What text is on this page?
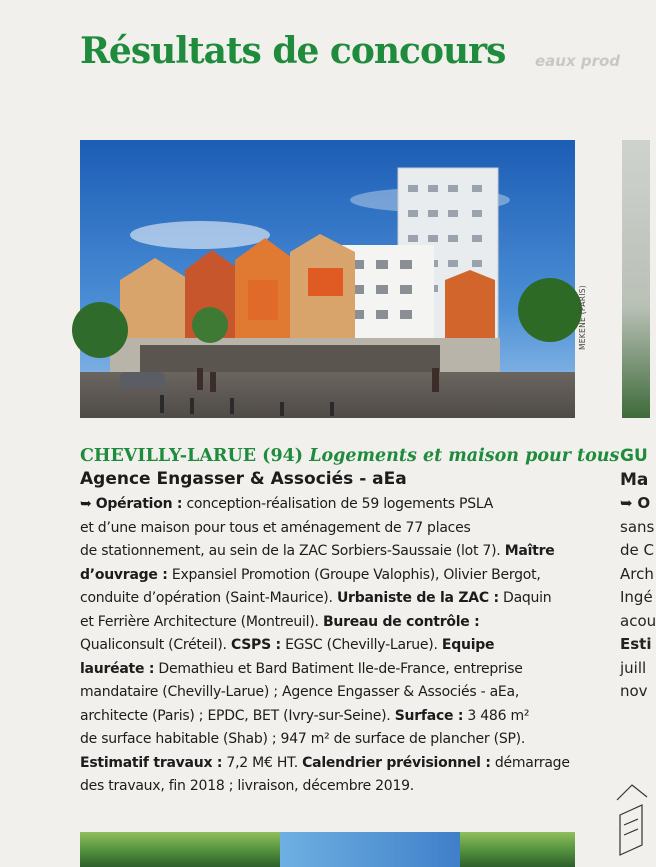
Résultats de concours eaux prod
MEKENE (PARIS)

CHEVILLY-LARUE (94) Logements et maison pour tous

Agence Engasser & Associés - aEa

➥ Opération : conception-réalisation de 59 logements PSLA
et d’une maison pour tous et aménagement de 77 places
de stationnement, au sein de la ZAC Sorbiers-Saussaie (lot 7). Maître
d’ouvrage : Expansiel Promotion (Groupe Valophis), Olivier Bergot,
conduite d’opération (Saint-Maurice). Urbaniste de la ZAC : Daquin
et Ferrière Architecture (Montreuil). Bureau de contrôle :
Qualiconsult (Créteil). CSPS : EGSC (Chevilly-Larue). Equipe
lauréate : Demathieu et Bard Batiment Ile-de-France, entreprise
mandataire (Chevilly-Larue) ; Agence Engasser & Associés - aEa,
architecte (Paris) ; EPDC, BET (Ivry-sur-Seine). Surface : 3 486 m²
de surface habitable (Shab) ; 947 m² de surface de plancher (SP).
Estimatif travaux : 7,2 M€ HT. Calendrier prévisionnel : démarrage
des travaux, fin 2018 ; livraison, décembre 2019.

GU
Ma
➥ O
sans
de C
Arch
Ingé
acou
Esti
juill
nov
